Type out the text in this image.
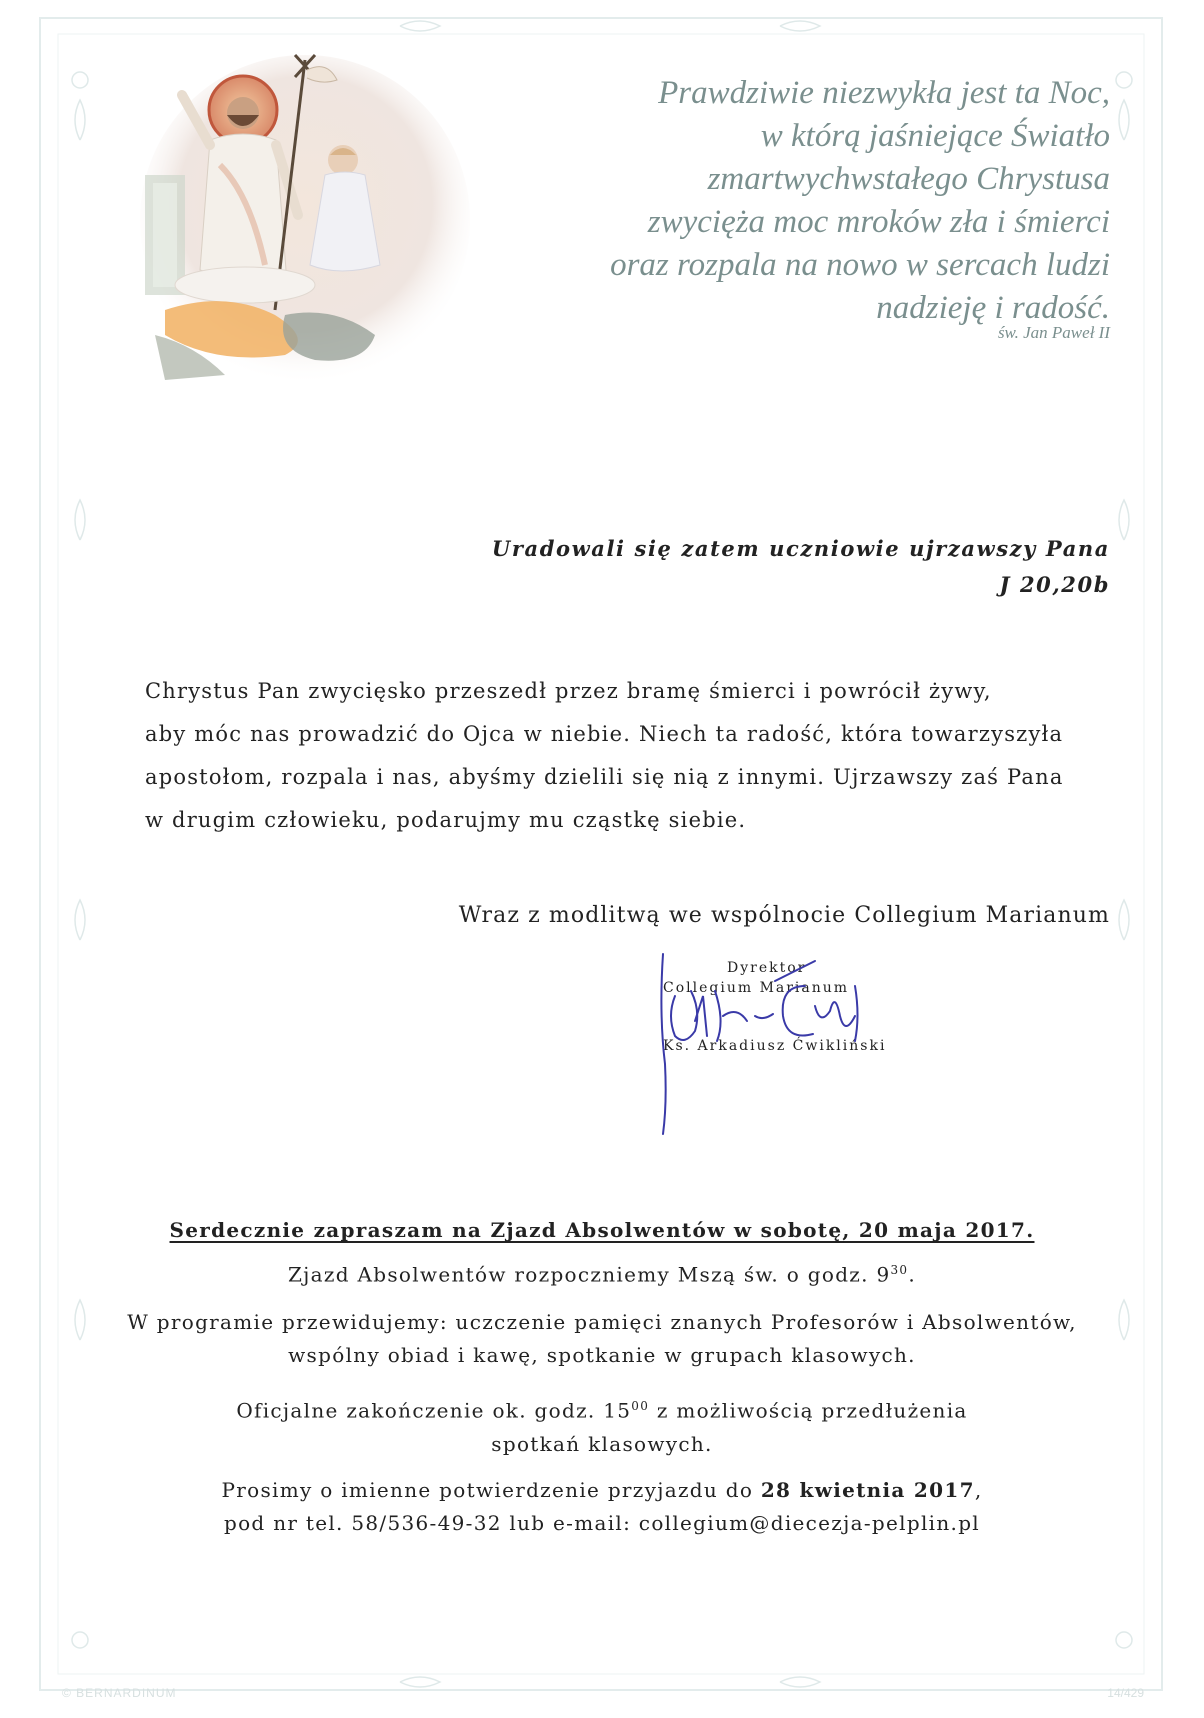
Prawdziwie niezwykła jest ta Noc,
w którą jaśniejące Światło
zmartwychwstałego Chrystusa
zwycięża moc mroków zła i śmierci
oraz rozpala na nowo w sercach ludzi
nadzieję i radość.
św. Jan Paweł II
Uradowali się zatem uczniowie ujrzawszy Pana
J 20,20b
Chrystus Pan zwycięsko przeszedł przez bramę śmierci i powrócił żywy,
aby móc nas prowadzić do Ojca w niebie. Niech ta radość, która towarzyszyła
apostołom, rozpala i nas, abyśmy dzielili się nią z innymi. Ujrzawszy zaś Pana
w drugim człowieku, podarujmy mu cząstkę siebie.
Wraz z modlitwą we wspólnocie Collegium Marianum
Dyrektor
Collegium Marianum
Ks. Arkadiusz Ćwikliński
Serdecznie zapraszam na Zjazd Absolwentów w sobotę, 20 maja 2017.
Zjazd Absolwentów rozpoczniemy Mszą św. o godz. $9^{30}$.
W programie przewidujemy: uczczenie pamięci znanych Profesorów i Absolwentów,
wspólny obiad i kawę, spotkanie w grupach klasowych.
Oficjalne zakończenie ok. godz. $15^{00}$ z możliwością przedłużenia
spotkań klasowych.
Prosimy o imienne potwierdzenie przyjazdu do 28 kwietnia 2017,
pod nr tel. 58/536-49-32 lub e-mail: collegium@diecezja-pelplin.pl
© BERNARDINUM	14/429
